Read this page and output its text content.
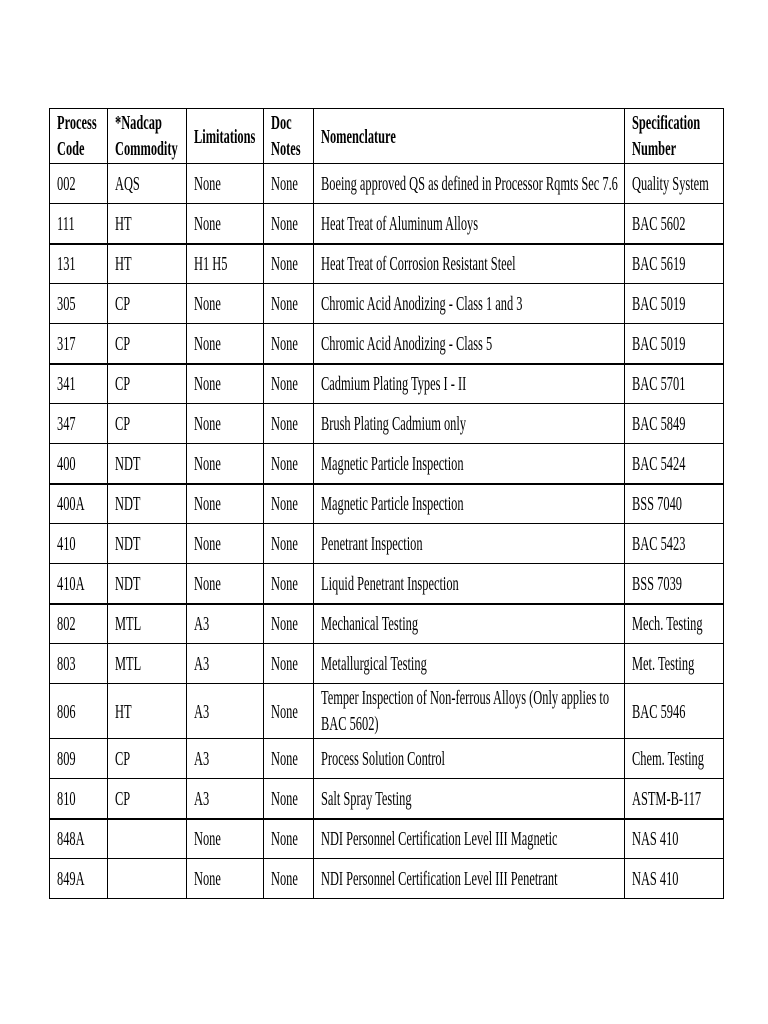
Process Code	*Nadcap Commodity	Limitations	Doc Notes	Nomenclature	Specification Number
002	AQS	None	None	Boeing approved QS as defined in Processor Rqmts Sec 7.6	Quality System
111	HT	None	None	Heat Treat of Aluminum Alloys	BAC 5602
131	HT	H1 H5	None	Heat Treat of Corrosion Resistant Steel	BAC 5619
305	CP	None	None	Chromic Acid Anodizing - Class 1 and 3	BAC 5019
317	CP	None	None	Chromic Acid Anodizing - Class 5	BAC 5019
341	CP	None	None	Cadmium Plating Types I - II	BAC 5701
347	CP	None	None	Brush Plating Cadmium only	BAC 5849
400	NDT	None	None	Magnetic Particle Inspection	BAC 5424
400A	NDT	None	None	Magnetic Particle Inspection	BSS 7040
410	NDT	None	None	Penetrant Inspection	BAC 5423
410A	NDT	None	None	Liquid Penetrant Inspection	BSS 7039
802	MTL	A3	None	Mechanical Testing	Mech. Testing
803	MTL	A3	None	Metallurgical Testing	Met. Testing
806	HT	A3	None	Temper Inspection of Non-ferrous Alloys (Only applies to BAC 5602)	BAC 5946
809	CP	A3	None	Process Solution Control	Chem. Testing
810	CP	A3	None	Salt Spray Testing	ASTM-B-117
848A		None	None	NDI Personnel Certification Level III Magnetic	NAS 410
849A		None	None	NDI Personnel Certification Level III Penetrant	NAS 410
